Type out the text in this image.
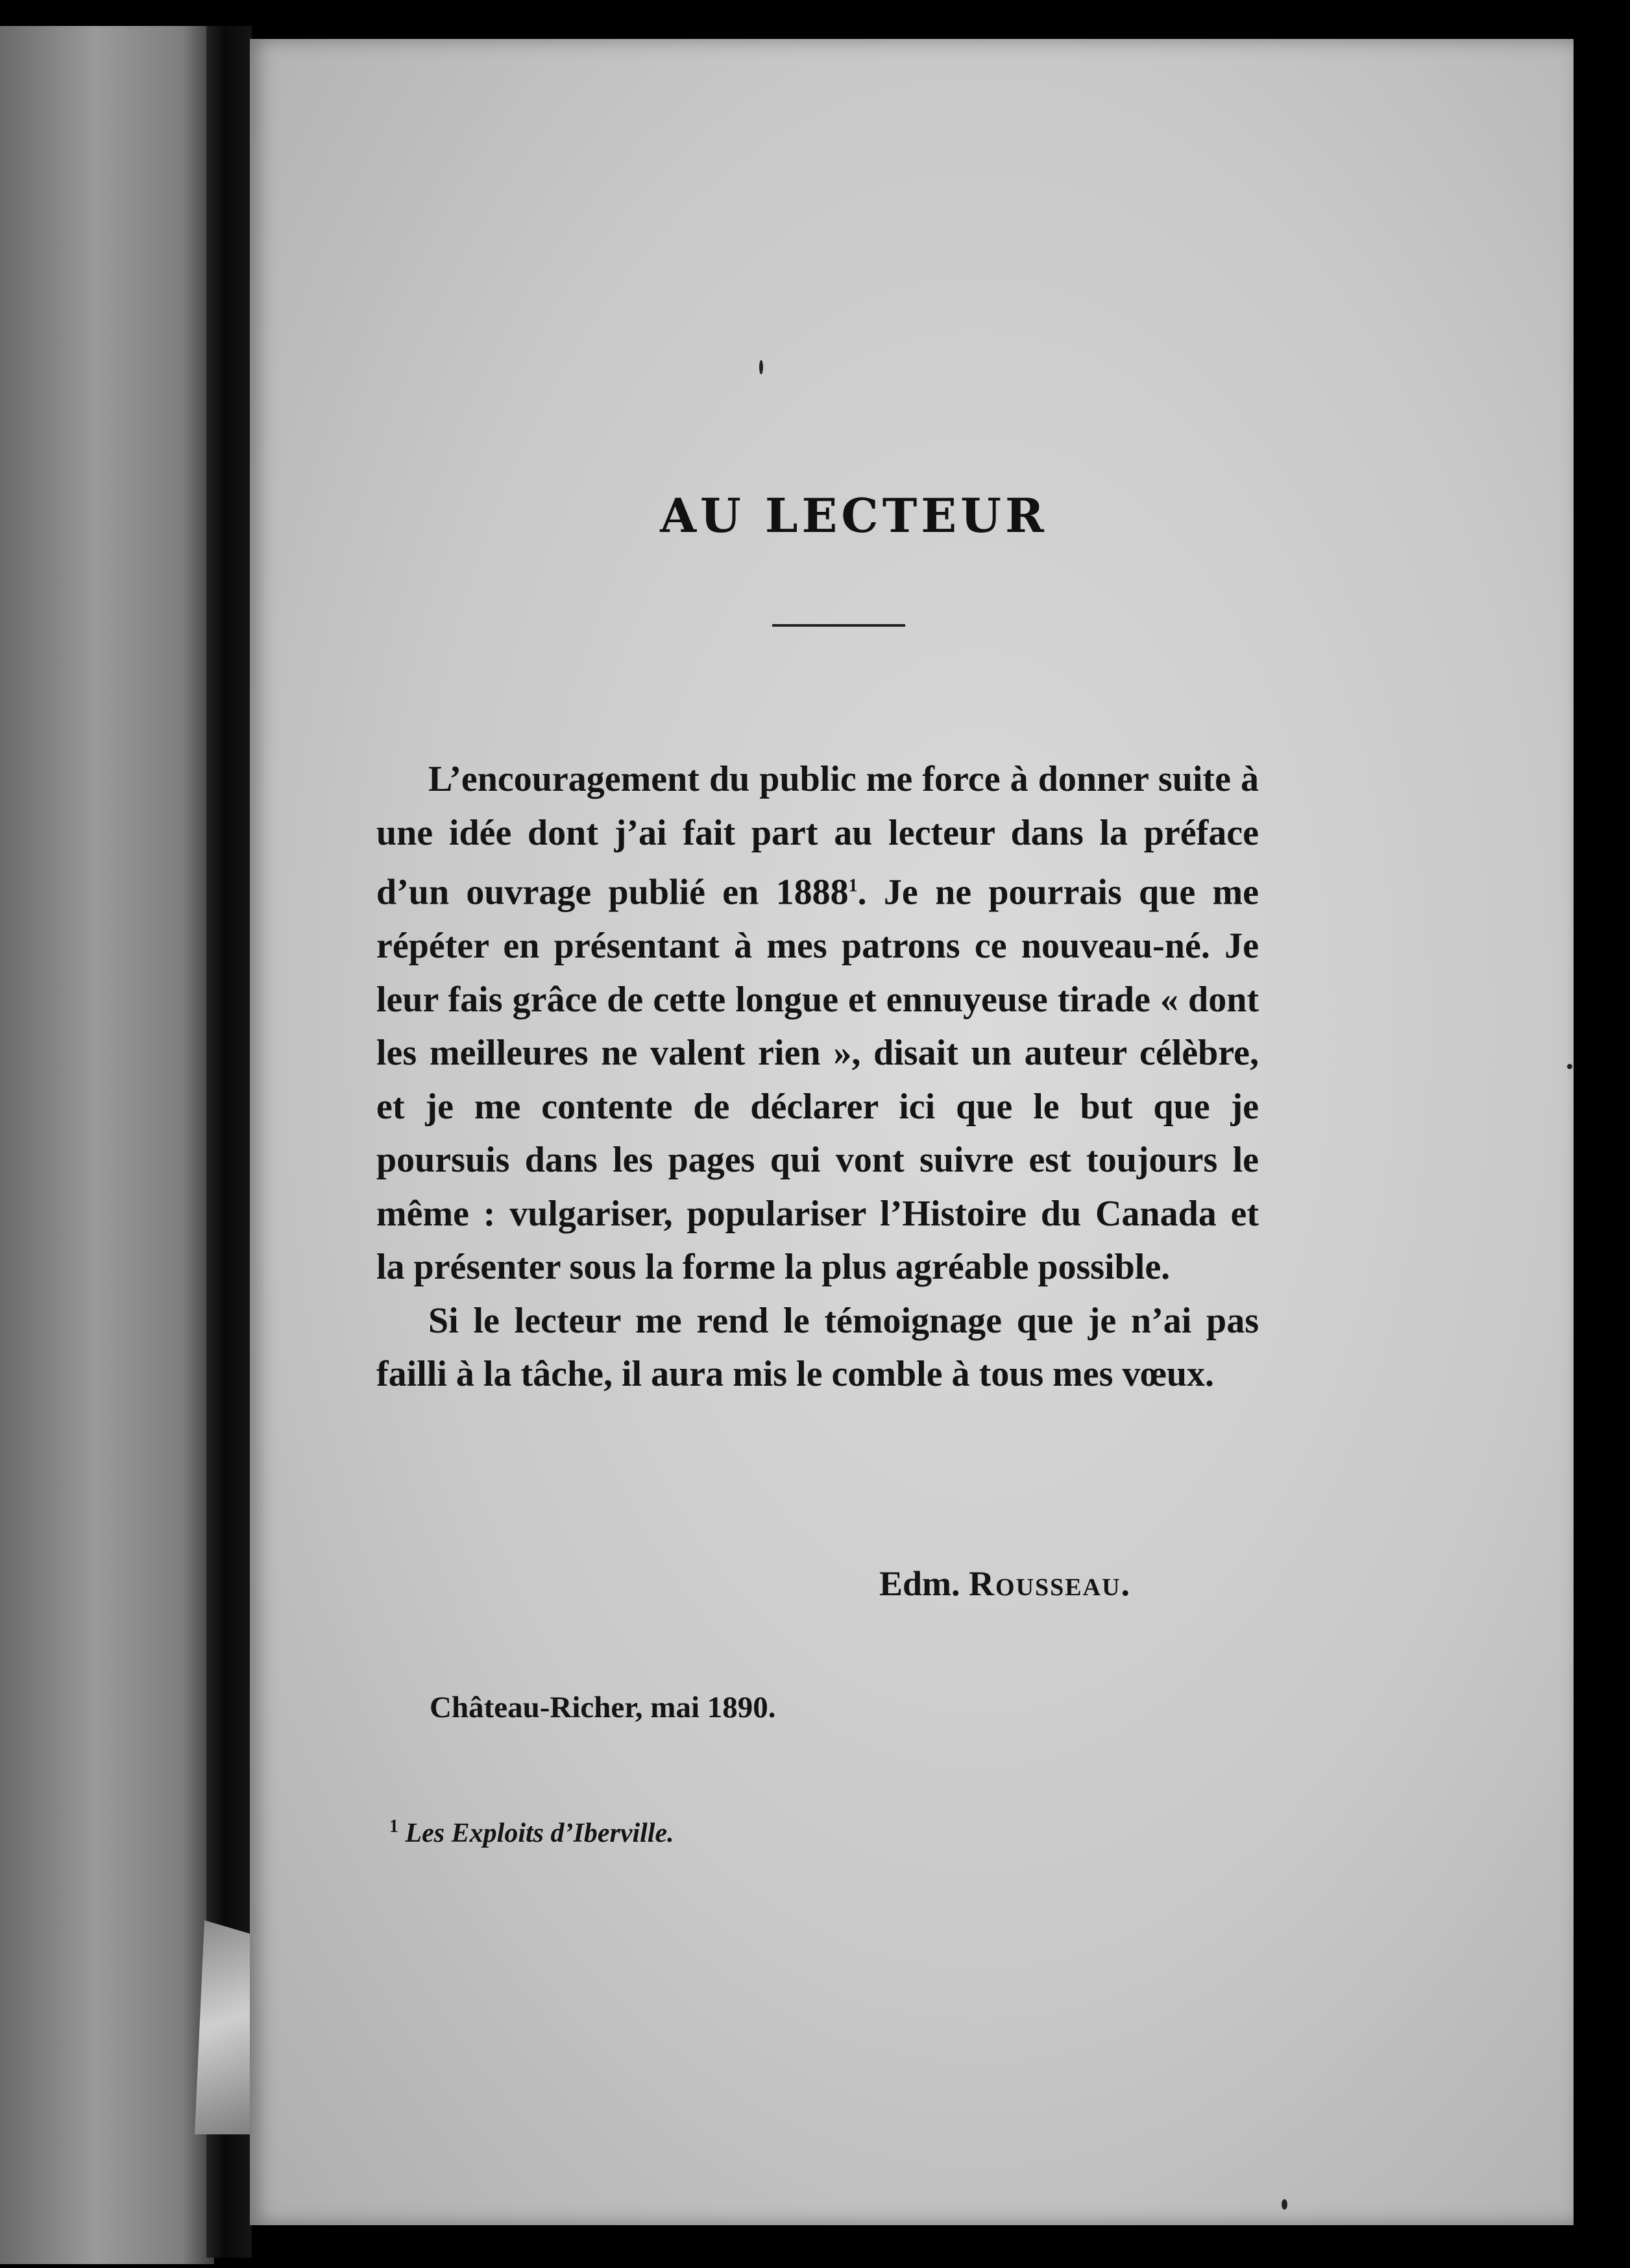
AU LECTEUR

L’encouragement du public me force à donner suite à une idée dont j’ai fait part au lecteur dans la préface d’un ouvrage publié en 1888$^1$. Je ne pourrais que me répéter en présentant à mes patrons ce nouveau-né. Je leur fais grâce de cette longue et ennuyeuse tirade « dont les meilleures ne valent rien », disait un auteur célèbre, et je me contente de déclarer ici que le but que je poursuis dans les pages qui vont suivre est toujours le même : vulgariser, populariser l’Histoire du Canada et la présenter sous la forme la plus agréable possible.

Si le lecteur me rend le témoignage que je n’ai pas failli à la tâche, il aura mis le comble à tous mes vœux.

Edm. Rousseau.
Château-Richer, mai 1890.
$^1$ Les Exploits d’Iberville.
